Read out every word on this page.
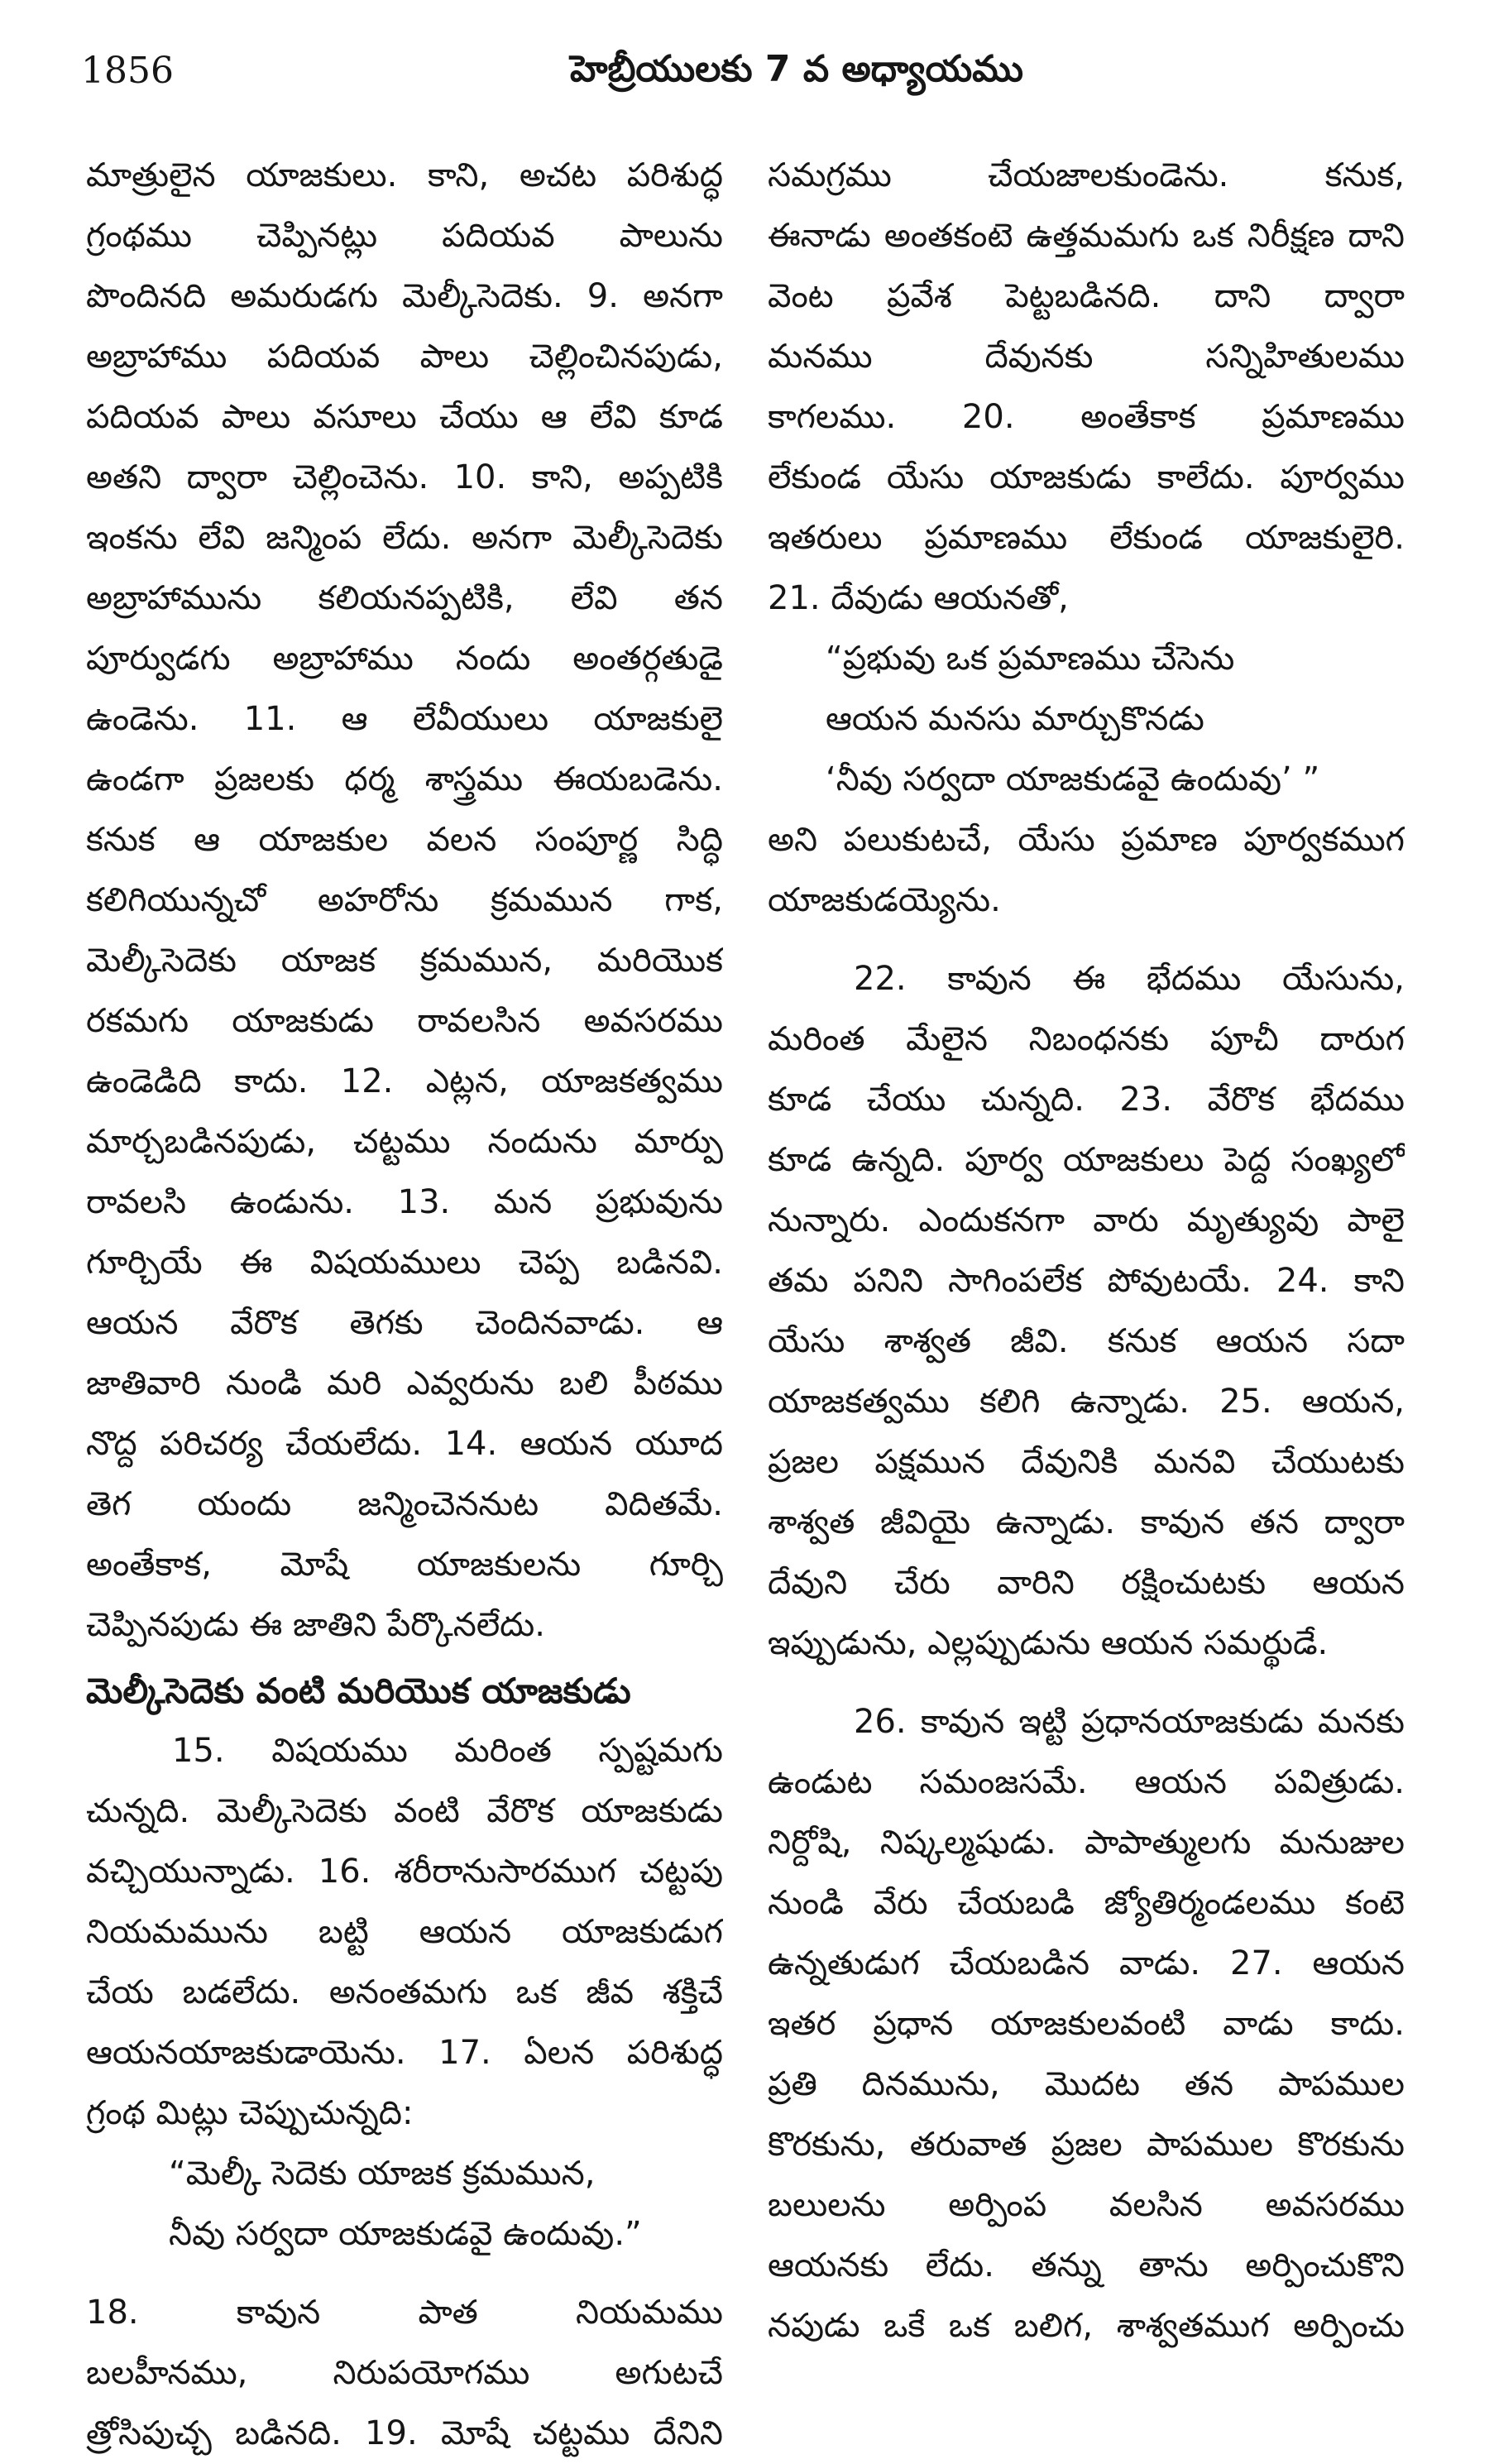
1856	హెబ్రీయులకు 7 వ అధ్యాయము
మాత్రులైన యాజకులు. కాని, అచట పరిశుద్ధ
గ్రంథము చెప్పినట్లు పదియవ పాలును
పొందినది అమరుడగు మెల్కీసెదెకు. 9. అనగా
అబ్రాహాము పదియవ పాలు చెల్లించినపుడు,
పదియవ పాలు వసూలు చేయు ఆ లేవి కూడ
అతని ద్వారా చెల్లించెను. 10. కాని, అప్పటికి
ఇంకను లేవి జన్మింప లేదు. అనగా మెల్కీసెదెకు
అబ్రాహామును కలియనప్పటికి, లేవి తన
పూర్వుడగు అబ్రాహాము నందు అంతర్గతుడై
ఉండెను. 11. ఆ లేవీయులు యాజకులై
ఉండగా ప్రజలకు ధర్మ శాస్త్రము ఈయబడెను.
కనుక ఆ యాజకుల వలన సంపూర్ణ సిద్ధి
కలిగియున్నచో అహరోను క్రమమున గాక,
మెల్కీసెదెకు యాజక క్రమమున, మరియొక
రకమగు యాజకుడు రావలసిన అవసరము
ఉండెడిది కాదు. 12. ఎట్లన, యాజకత్వము
మార్చబడినపుడు, చట్టము నందును మార్పు
రావలసి ఉండును. 13. మన ప్రభువును
గూర్చియే ఈ విషయములు చెప్ప బడినవి.
ఆయన వేరొక తెగకు చెందినవాడు. ఆ
జాతివారి నుండి మరి ఎవ్వరును బలి పీఠము
నొద్ద పరిచర్య చేయలేదు. 14. ఆయన యూద
తెగ యందు జన్మించెననుట విదితమే.
అంతేకాక, మోషే యాజకులను గూర్చి
చెప్పినపుడు ఈ జాతిని పేర్కొనలేదు.
మెల్కీసెదెకు వంటి మరియొక యాజకుడు
15. విషయము మరింత స్పష్టమగు
చున్నది. మెల్కీసెదెకు వంటి వేరొక యాజకుడు
వచ్చియున్నాడు. 16. శరీరానుసారముగ చట్టపు
నియమమును బట్టి ఆయన యాజకుడుగ
చేయ బడలేదు. అనంతమగు ఒక జీవ శక్తిచే
ఆయనయాజకుడాయెను. 17. ఏలన పరిశుద్ధ
గ్రంథ మిట్లు చెప్పుచున్నది:
“మెల్కీ సెదెకు యాజక క్రమమున,
నీవు సర్వదా యాజకుడవై ఉందువు.”
18. కావున పాత నియమము
బలహీనము, నిరుపయోగము అగుటచే
త్రోసిపుచ్చ బడినది. 19. మోషే చట్టము దేనిని
సమగ్రము చేయజాలకుండెను. కనుక,
ఈనాడు అంతకంటె ఉత్తమమగు ఒక నిరీక్షణ దాని
వెంట ప్రవేశ పెట్టబడినది. దాని ద్వారా
మనము దేవునకు సన్నిహితులము
కాగలము. 20. అంతేకాక ప్రమాణము
లేకుండ యేసు యాజకుడు కాలేదు. పూర్వము
ఇతరులు ప్రమాణము లేకుండ యాజకులైరి.
21. దేవుడు ఆయనతో,
“ప్రభువు ఒక ప్రమాణము చేసెను
ఆయన మనసు మార్చుకొనడు
‘నీవు సర్వదా యాజకుడవై ఉందువు’ ”
అని పలుకుటచే, యేసు ప్రమాణ పూర్వకముగ
యాజకుడయ్యెను.
22. కావున ఈ భేదము యేసును,
మరింత మేలైన నిబంధనకు పూచీ దారుగ
కూడ చేయు చున్నది. 23. వేరొక భేదము
కూడ ఉన్నది. పూర్వ యాజకులు పెద్ద సంఖ్యలో
నున్నారు. ఎందుకనగా వారు మృత్యువు పాలై
తమ పనిని సాగింపలేక పోవుటయే. 24. కాని
యేసు శాశ్వత జీవి. కనుక ఆయన సదా
యాజకత్వము కలిగి ఉన్నాడు. 25. ఆయన,
ప్రజల పక్షమున దేవునికి మనవి చేయుటకు
శాశ్వత జీవియై ఉన్నాడు. కావున తన ద్వారా
దేవుని చేరు వారిని రక్షించుటకు ఆయన
ఇప్పుడును, ఎల్లప్పుడును ఆయన సమర్థుడే.
26. కావున ఇట్టి ప్రధానయాజకుడు మనకు
ఉండుట సమంజసమే. ఆయన పవిత్రుడు.
నిర్దోషి, నిష్కల్మషుడు. పాపాత్ములగు మనుజుల
నుండి వేరు చేయబడి జ్యోతిర్మండలము కంటె
ఉన్నతుడుగ చేయబడిన వాడు. 27. ఆయన
ఇతర ప్రధాన యాజకులవంటి వాడు కాదు.
ప్రతి దినమును, మొదట తన పాపముల
కొరకును, తరువాత ప్రజల పాపముల కొరకును
బలులను అర్పింప వలసిన అవసరము
ఆయనకు లేదు. తన్ను తాను అర్పించుకొని
నపుడు ఒకే ఒక బలిగ, శాశ్వతముగ అర్పించు
